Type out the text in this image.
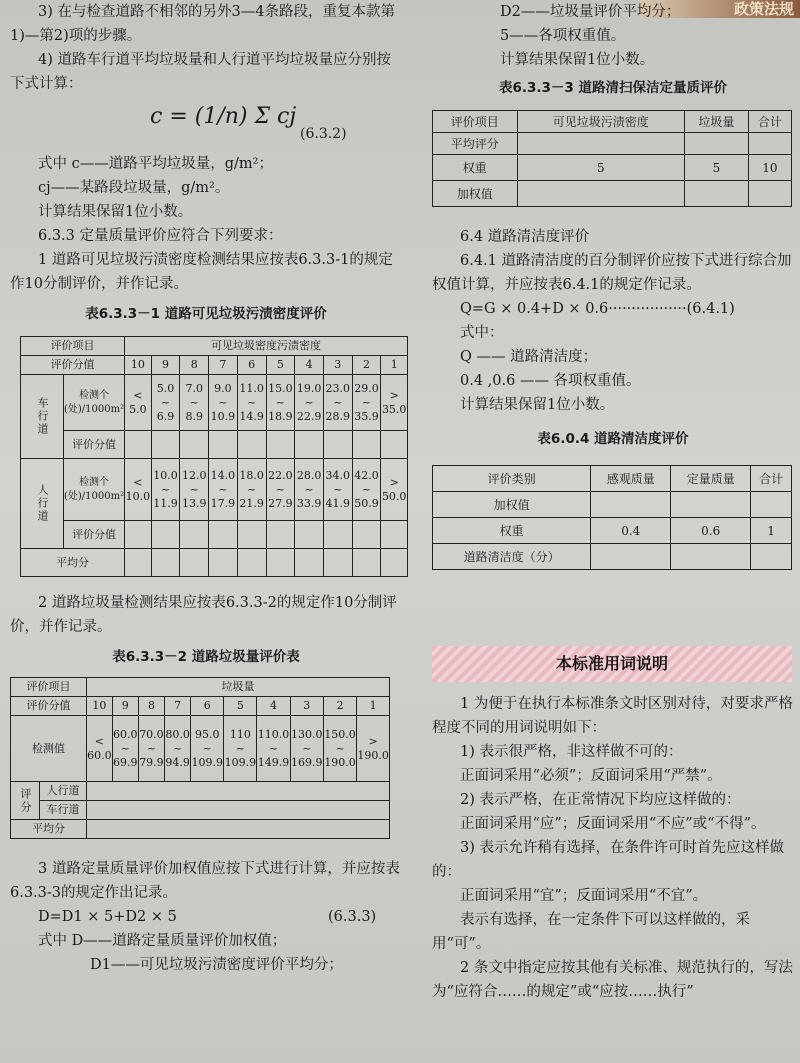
政策法规

3) 在与检查道路不相邻的另外3—4条路段，重复本款第1)—第2)项的步骤。

4) 道路车行道平均垃圾量和人行道平均垃圾量应分别按下式计算：

c = (1/n) Σ cj
(6.3.2)

式中 c——道路平均垃圾量，g/m²；

cj——某路段垃圾量，g/m²。

计算结果保留1位小数。

6.3.3 定量质量评价应符合下列要求：

1 道路可见垃圾污渍密度检测结果应按表6.3.3-1的规定作10分制评价，并作记录。

表6.3.3－1 道路可见垃圾污渍密度评价

评价项目		可见垃圾密度污渍密度									
评价分值		10	9	8	7	6	5	4	3	2	1
车行道	检测个(处)/1000m²	< 5.0	5.0 ~ 6.9	7.0 ~ 8.9	9.0 ~ 10.9	11.0 ~ 14.9	15.0 ~ 18.9	19.0 ~ 22.9	23.0 ~ 28.9	29.0 ~ 35.9	> 35.0
	评价分值										
人行道	检测个(处)/1000m²	< 10.0	10.0 ~ 11.9	12.0 ~ 13.9	14.0 ~ 17.9	18.0 ~ 21.9	22.0 ~ 27.9	28.0 ~ 33.9	34.0 ~ 41.9	42.0 ~ 50.9	> 50.0
	评价分值										
平均分											

2 道路垃圾量检测结果应按表6.3.3-2的规定作10分制评价，并作记录。

表6.3.3－2 道路垃圾量评价表

评价项目		垃圾量									
评价分值		10	9	8	7	6	5	4	3	2	1
检测值		< 60.0	60.0 ~ 69.9	70.0 ~ 79.9	80.0 ~ 94.9	95.0 ~ 109.9	110 ~ 109.9	110.0 ~ 149.9	130.0 ~ 169.9	150.0 ~ 190.0	> 190.0
评分	人行道										
	车行道										
平均分											

3 道路定量质量评价加权值应按下式进行计算，并应按表6.3.3-3的规定作出记录。

D=D1 × 5+D2 × 5	(6.3.3)

式中 D——道路定量质量评价加权值；

D1——可见垃圾污渍密度评价平均分；

D2——垃圾量评价平均分；

5——各项权重值。

计算结果保留1位小数。

表6.3.3－3 道路清扫保洁定量质评价

评价项目	可见垃圾污渍密度	垃圾量	合计
平均评分			
权重	5	5	10
加权值			

6.4 道路清洁度评价

6.4.1 道路清洁度的百分制评价应按下式进行综合加权值计算，并应按表6.4.1的规定作记录。

Q=G × 0.4+D × 0.6·················(6.4.1)

式中：

Q —— 道路清洁度；

0.4 ,0.6 —— 各项权重值。

计算结果保留1位小数。

表6.0.4 道路清洁度评价

评价类别	感观质量	定量质量	合计
加权值			
权重	0.4	0.6	1
道路清洁度（分）			
本标准用词说明

1 为便于在执行本标准条文时区别对待，对要求严格程度不同的用词说明如下：

1) 表示很严格，非这样做不可的：

正面词采用“必须”；反面词采用“严禁”。

2) 表示严格，在正常情况下均应这样做的：

正面词采用“应”；反面词采用“不应”或“不得”。

3) 表示允许稍有选择，在条件许可时首先应这样做的：

正面词采用“宜”；反面词采用“不宜”。

表示有选择，在一定条件下可以这样做的，采用“可”。

2 条文中指定应按其他有关标准、规范执行的，写法为“应符合……的规定”或“应按……执行”
